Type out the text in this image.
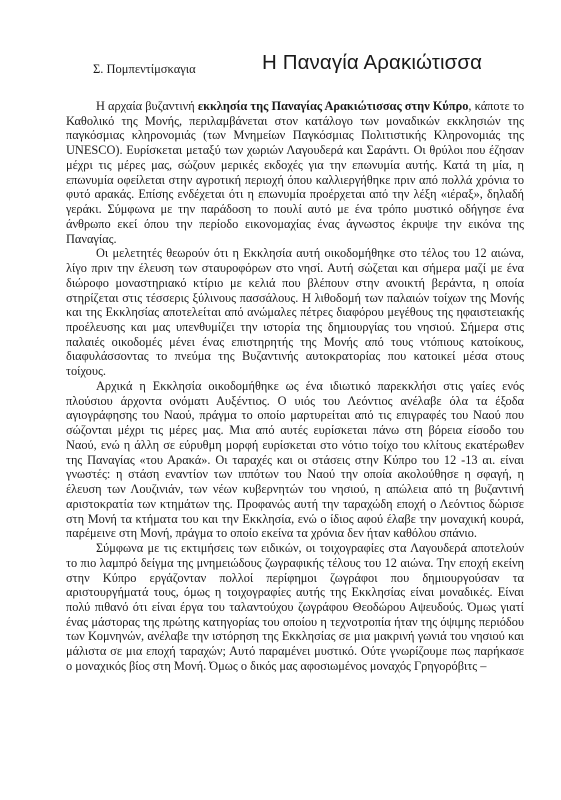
Σ. Πομπεντίμσκαγια	Η Παναγία Αρακιώτισσα

Η αρχαία βυζαντινή εκκλησία της Παναγίας Αρακιώτισσας στην Κύπρο, κάποτε το Καθολικό της Μονής, περιλαμβάνεται στον κατάλογο των μοναδικών εκκλησιών της παγκόσμιας κληρονομιάς (των Μνημείων Παγκόσμιας Πολιτιστικής Κληρονομιάς της UNESCO). Ευρίσκεται μεταξύ των χωριών Λαγουδερά και Σαράντι. Οι θρύλοι που έζησαν μέχρι τις μέρες μας, σώζουν μερικές εκδοχές για την επωνυμία αυτής. Κατά τη μία, η επωνυμία οφείλεται στην αγροτική περιοχή όπου καλλιεργήθηκε πριν από πολλά χρόνια το φυτό αρακάς. Επίσης ενδέχεται ότι η επωνυμία προέρχεται από την λέξη «ιέραξ», δηλαδή γεράκι. Σύμφωνα με την παράδοση το πουλί αυτό με ένα τρόπο μυστικό οδήγησε ένα άνθρωπο εκεί όπου την περίοδο εικονομαχίας ένας άγνωστος έκρυψε την εικόνα της Παναγίας.

Οι μελετητές θεωρούν ότι η Εκκλησία αυτή οικοδομήθηκε στο τέλος του 12 αιώνα, λίγο πριν την έλευση των σταυροφόρων στο νησί. Αυτή σώζεται και σήμερα μαζί με ένα διώροφο μοναστηριακό κτίριο με κελιά που βλέπουν στην ανοικτή βεράντα, η οποία στηρίζεται στις τέσσερις ξύλινους πασσάλους. Η λιθοδομή των παλαιών τοίχων της Μονής και της Εκκλησίας αποτελείται από ανώμαλες πέτρες διαφόρου μεγέθους της ηφαιστειακής προέλευσης και μας υπενθυμίζει την ιστορία της δημιουργίας του νησιού. Σήμερα στις παλαιές οικοδομές μένει ένας επιστηρητής της Μονής από τους ντόπιους κατοίκους, διαφυλάσσοντας το πνεύμα της Βυζαντινής αυτοκρατορίας που κατοικεί μέσα στους τοίχους.

Αρχικά η Εκκλησία οικοδομήθηκε ως ένα ιδιωτικό παρεκκλήσι στις γαίες ενός πλούσιου άρχοντα ονόματι Αυξέντιος. Ο υιός του Λεόντιος ανέλαβε όλα τα έξοδα αγιογράφησης του Ναού, πράγμα το οποίο μαρτυρείται από τις επιγραφές του Ναού που σώζονται μέχρι τις μέρες μας. Μια από αυτές ευρίσκεται πάνω στη βόρεια είσοδο του Ναού, ενώ η άλλη σε εύρυθμη μορφή ευρίσκεται στο νότιο τοίχο του κλίτους εκατέρωθεν της Παναγίας «του Αρακά». Οι ταραχές και οι στάσεις στην Κύπρο του 12 -13 αι. είναι γνωστές: η στάση εναντίον των ιππότων του Ναού την οποία ακολούθησε η σφαγή, η έλευση των Λουζινιάν, των νέων κυβερνητών του νησιού, η απώλεια από τη βυζαντινή αριστοκρατία των κτημάτων της. Προφανώς αυτή την ταραχώδη εποχή ο Λεόντιος δώρισε στη Μονή τα κτήματα του και την Εκκλησία, ενώ ο ίδιος αφού έλαβε την μοναχική κουρά, παρέμεινε στη Μονή, πράγμα το οποίο εκείνα τα χρόνια δεν ήταν καθόλου σπάνιο.

Σύμφωνα με τις εκτιμήσεις των ειδικών, οι τοιχογραφίες στα Λαγουδερά αποτελούν το πιο λαμπρό δείγμα της μνημειώδους ζωγραφικής τέλους του 12 αιώνα. Την εποχή εκείνη στην Κύπρο εργάζονταν πολλοί περίφημοι ζωγράφοι που δημιουργούσαν τα αριστουργήματά τους, όμως η τοιχογραφίες αυτής της Εκκλησίας είναι μοναδικές. Είναι πολύ πιθανό ότι είναι έργα του ταλαντούχου ζωγράφου Θεοδώρου Αψευδούς. Όμως γιατί ένας μάστορας της πρώτης κατηγορίας του οποίου η τεχνοτροπία ήταν της όψιμης περιόδου των Κομνηνών, ανέλαβε την ιστόρηση της Εκκλησίας σε μια μακρινή γωνιά του νησιού και μάλιστα σε μια εποχή ταραχών; Αυτό παραμένει μυστικό. Ούτε γνωρίζουμε πως παρήκασε ο μοναχικός βίος στη Μονή. Όμως ο δικός μας αφοσιωμένος μοναχός Γρηγορόβιτς –
